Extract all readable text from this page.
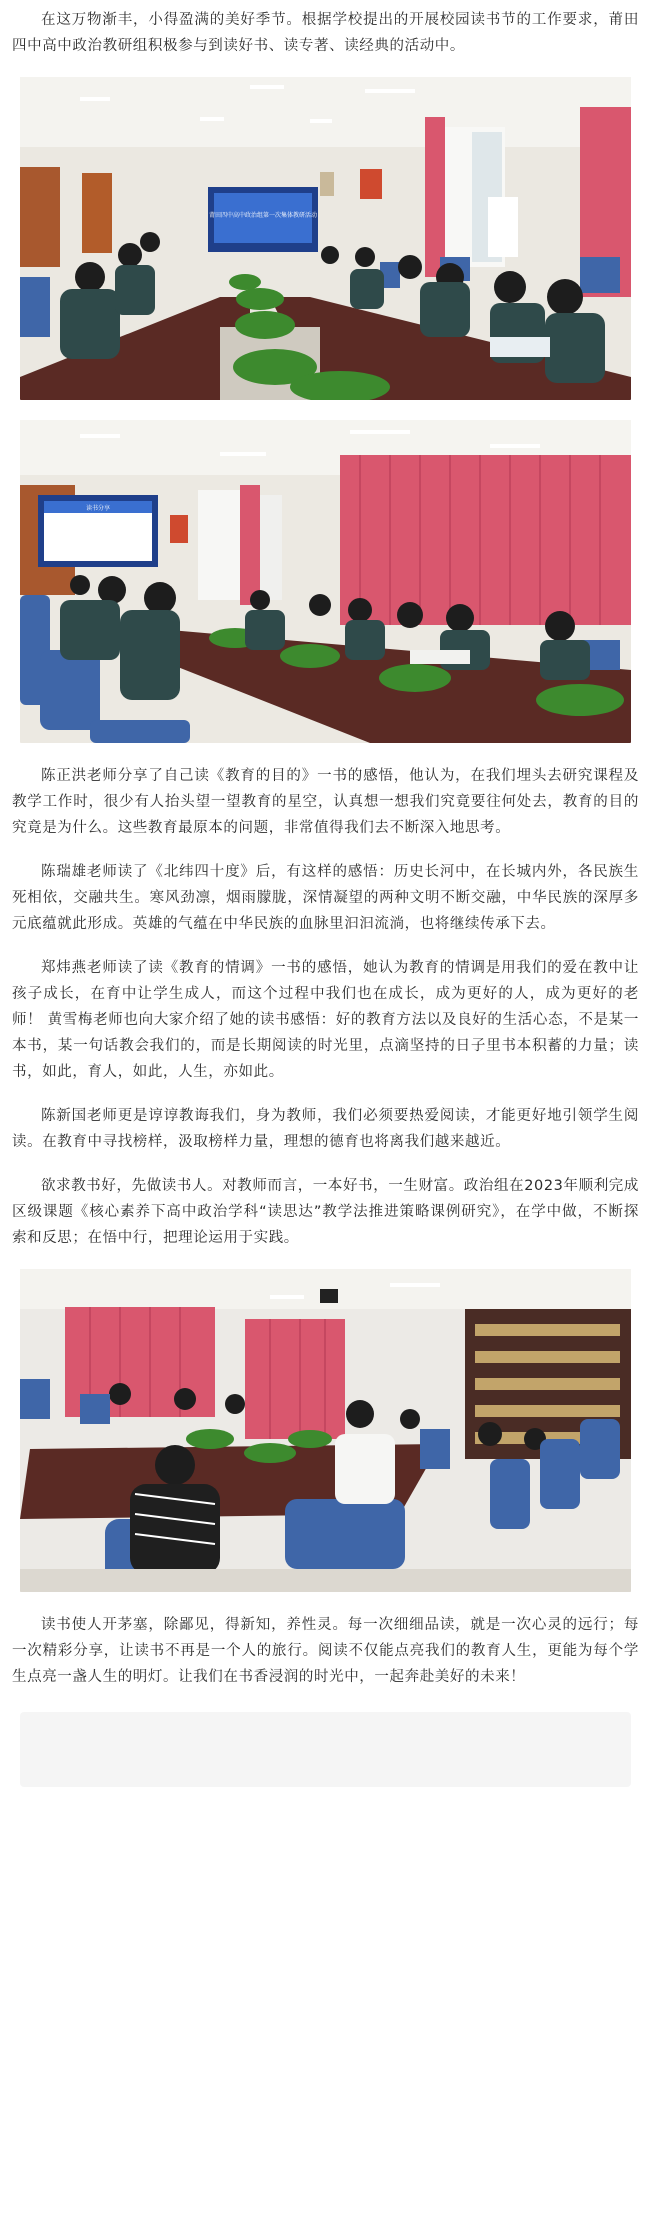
在这万物渐丰，小得盈满的美好季节。根据学校提出的开展校园读书节的工作要求，莆田四中高中政治教研组积极参与到读好书、读专著、读经典的活动中。

莆田四中高中政治组第一次集体教研活动
读书分享

陈正洪老师分享了自己读《教育的目的》一书的感悟，他认为，在我们埋头去研究课程及教学工作时，很少有人抬头望一望教育的星空，认真想一想我们究竟要往何处去，教育的目的究竟是为什么。这些教育最原本的问题，非常值得我们去不断深入地思考。

陈瑞雄老师读了《北纬四十度》后，有这样的感悟：历史长河中，在长城内外，各民族生死相依，交融共生。寒风劲凛，烟雨朦胧，深情凝望的两种文明不断交融，中华民族的深厚多元底蕴就此形成。英雄的气蕴在中华民族的血脉里汩汩流淌，也将继续传承下去。

郑炜燕老师读了读《教育的情调》一书的感悟，她认为教育的情调是用我们的爱在教中让孩子成长，在育中让学生成人，而这个过程中我们也在成长，成为更好的人，成为更好的老师！ 黄雪梅老师也向大家介绍了她的读书感悟：好的教育方法以及良好的生活心态，不是某一本书，某一句话教会我们的，而是长期阅读的时光里，点滴坚持的日子里书本积蓄的力量；读书，如此，育人，如此，人生，亦如此。

陈新国老师更是谆谆教诲我们，身为教师，我们必须要热爱阅读，才能更好地引领学生阅读。在教育中寻找榜样，汲取榜样力量，理想的德育也将离我们越来越近。

欲求教书好，先做读书人。对教师而言，一本好书，一生财富。政治组在2023年顺利完成区级课题《核心素养下高中政治学科“读思达”教学法推进策略课例研究》，在学中做，不断探索和反思；在悟中行，把理论运用于实践。

读书使人开茅塞，除鄙见，得新知，养性灵。每一次细细品读，就是一次心灵的远行；每一次精彩分享，让读书不再是一个人的旅行。阅读不仅能点亮我们的教育人生，更能为每个学生点亮一盏人生的明灯。让我们在书香浸润的时光中，一起奔赴美好的未来！
